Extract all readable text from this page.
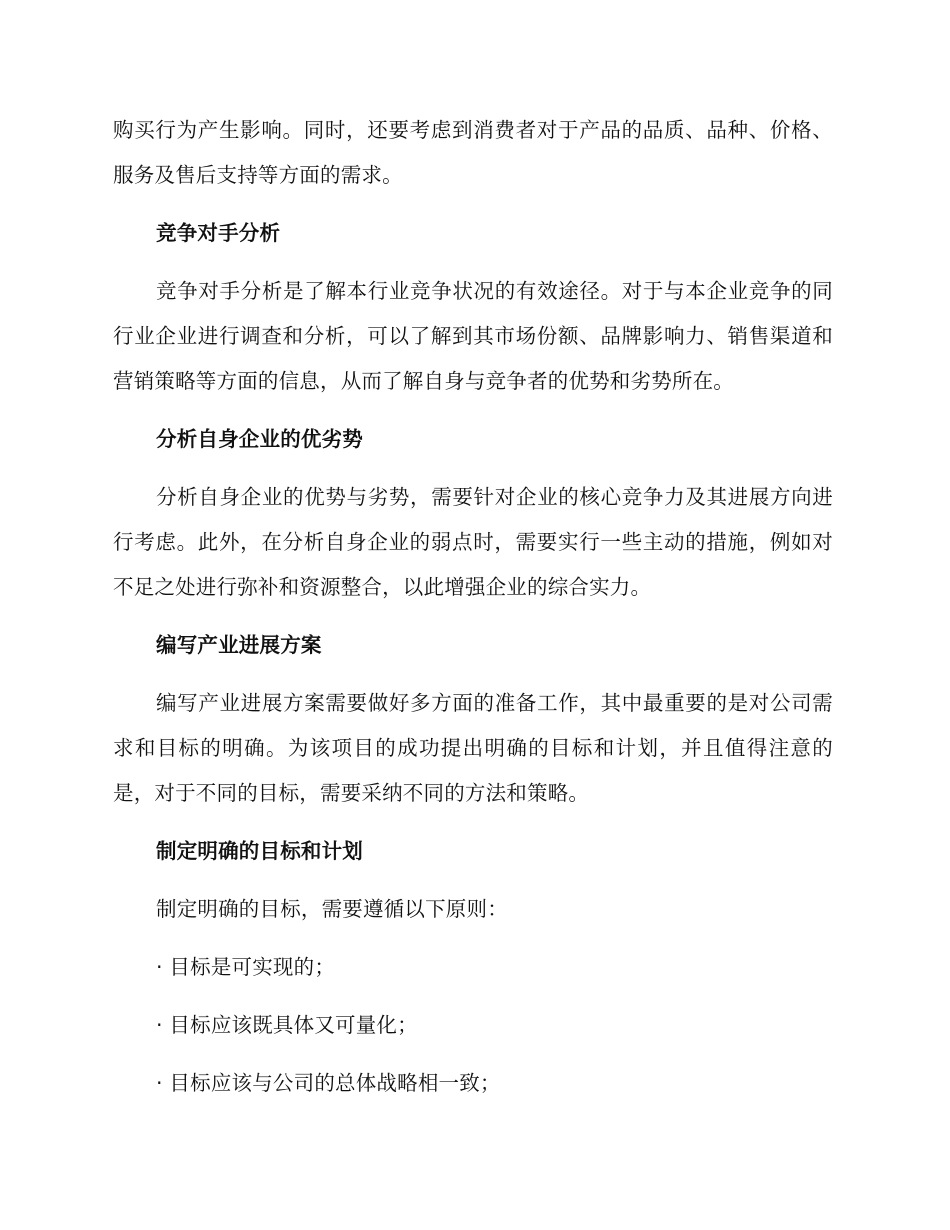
购买行为产生影响。同时，还要考虑到消费者对于产品的品质、品种、价格、服务及售后支持等方面的需求。

竞争对手分析

竞争对手分析是了解本行业竞争状况的有效途径。对于与本企业竞争的同行业企业进行调查和分析，可以了解到其市场份额、品牌影响力、销售渠道和营销策略等方面的信息，从而了解自身与竞争者的优势和劣势所在。

分析自身企业的优劣势

分析自身企业的优势与劣势，需要针对企业的核心竞争力及其进展方向进行考虑。此外，在分析自身企业的弱点时，需要实行一些主动的措施，例如对不足之处进行弥补和资源整合，以此增强企业的综合实力。

编写产业进展方案

编写产业进展方案需要做好多方面的准备工作，其中最重要的是对公司需求和目标的明确。为该项目的成功提出明确的目标和计划，并且值得注意的是，对于不同的目标，需要采纳不同的方法和策略。

制定明确的目标和计划

制定明确的目标，需要遵循以下原则：

· 目标是可实现的；
· 目标应该既具体又可量化；
· 目标应该与公司的总体战略相一致；
